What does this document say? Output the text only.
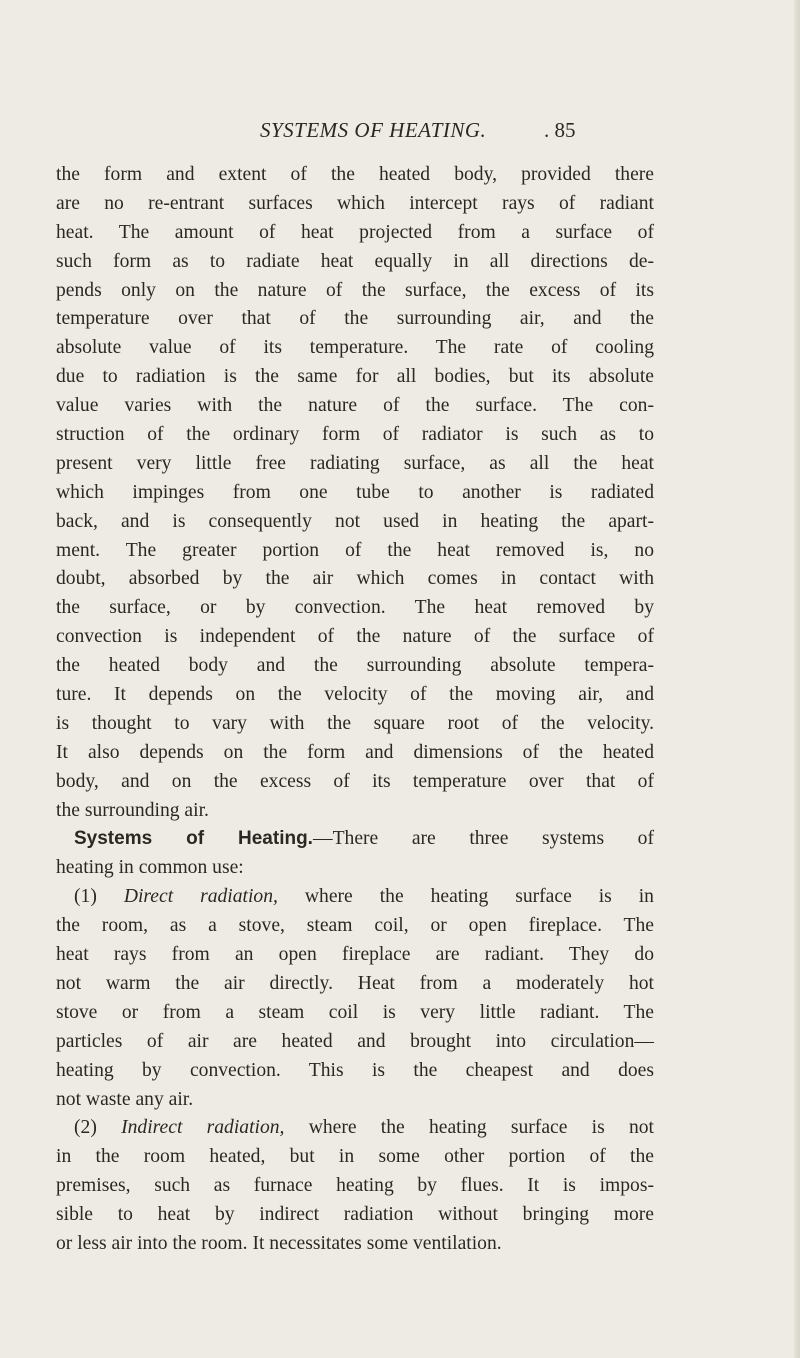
SYSTEMS OF HEATING.	. 85
the form and extent of the heated body, provided there
are no re-entrant surfaces which intercept rays of radiant
heat. The amount of heat projected from a surface of
such form as to radiate heat equally in all directions de-
pends only on the nature of the surface, the excess of its
temperature over that of the surrounding air, and the
absolute value of its temperature. The rate of cooling
due to radiation is the same for all bodies, but its absolute
value varies with the nature of the surface. The con-
struction of the ordinary form of radiator is such as to
present very little free radiating surface, as all the heat
which impinges from one tube to another is radiated
back, and is consequently not used in heating the apart-
ment. The greater portion of the heat removed is, no
doubt, absorbed by the air which comes in contact with
the surface, or by convection. The heat removed by
convection is independent of the nature of the surface of
the heated body and the surrounding absolute tempera-
ture. It depends on the velocity of the moving air, and
is thought to vary with the square root of the velocity.
It also depends on the form and dimensions of the heated
body, and on the excess of its temperature over that of
the surrounding air.
Systems of Heating.—There are three systems of
heating in common use:
(1) Direct radiation, where the heating surface is in
the room, as a stove, steam coil, or open fireplace. The
heat rays from an open fireplace are radiant. They do
not warm the air directly. Heat from a moderately hot
stove or from a steam coil is very little radiant. The
particles of air are heated and brought into circulation—
heating by convection. This is the cheapest and does
not waste any air.
(2) Indirect radiation, where the heating surface is not
in the room heated, but in some other portion of the
premises, such as furnace heating by flues. It is impos-
sible to heat by indirect radiation without bringing more
or less air into the room. It necessitates some ventilation.
